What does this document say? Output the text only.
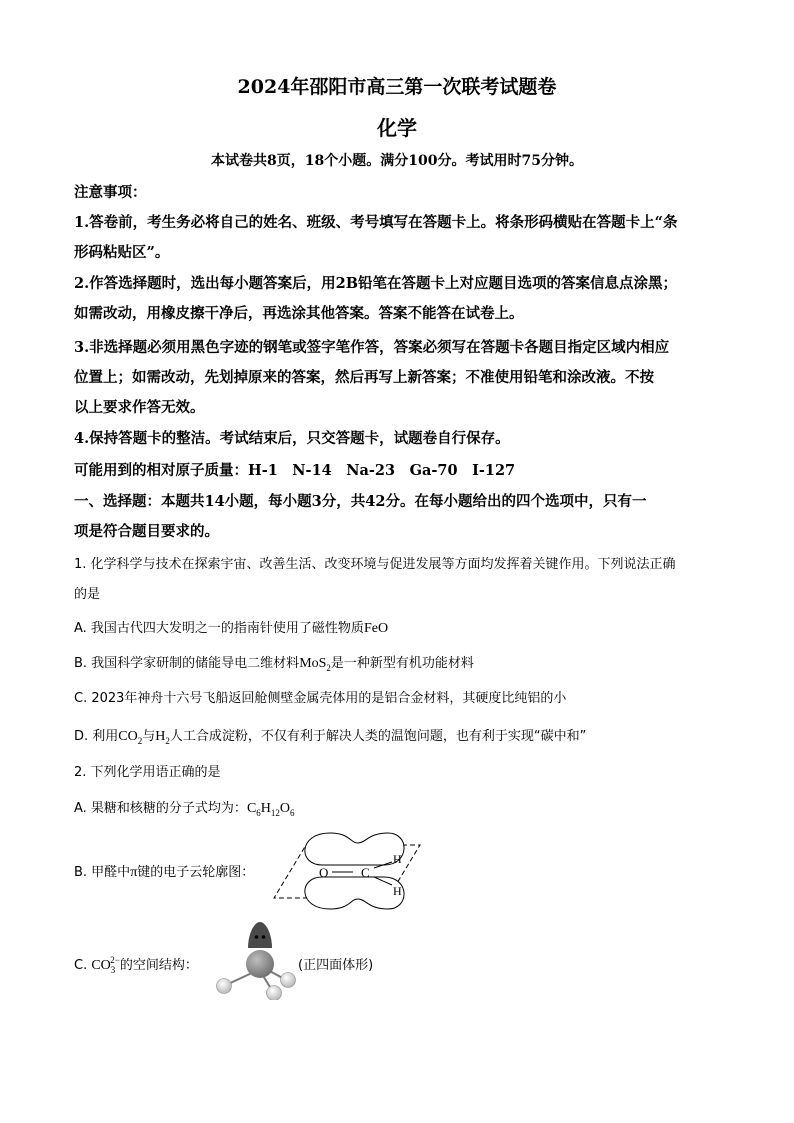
2024年邵阳市高三第一次联考试题卷
化学
本试卷共8页，18个小题。满分100分。考试用时75分钟。
注意事项：
1.答卷前，考生务必将自己的姓名、班级、考号填写在答题卡上。将条形码横贴在答题卡上“条
形码粘贴区”。
2.作答选择题时，选出每小题答案后，用2B铅笔在答题卡上对应题目选项的答案信息点涂黑；
如需改动，用橡皮擦干净后，再选涂其他答案。答案不能答在试卷上。
3.非选择题必须用黑色字迹的钢笔或签字笔作答，答案必须写在答题卡各题目指定区域内相应
位置上；如需改动，先划掉原来的答案，然后再写上新答案；不准使用铅笔和涂改液。不按
以上要求作答无效。
4.保持答题卡的整洁。考试结束后，只交答题卡，试题卷自行保存。
可能用到的相对原子质量：H-1　N-14　Na-23　Ga-70　I-127
一、选择题：本题共14小题，每小题3分，共42分。在每小题给出的四个选项中，只有一
项是符合题目要求的。
1. 化学科学与技术在探索宇宙、改善生活、改变环境与促进发展等方面均发挥着关键作用。下列说法正确
的是
A. 我国古代四大发明之一的指南针使用了磁性物质FeO
B. 我国科学家研制的储能导电二维材料MoS$_2$是一种新型有机功能材料
C. 2023年神舟十六号飞船返回舱侧壁金属壳体用的是铝合金材料，其硬度比纯铝的小
D. 利用$CO_2$与$H_2$人工合成淀粉，不仅有利于解决人类的温饱问题，也有利于实现“碳中和”
2. 下列化学用语正确的是
A. 果糖和核糖的分子式均为：$C_6H_{12}O_6$
B. 甲醛中π键的电子云轮廓图：	O	C
H
H
C. $CO_3^{2-}$的空间结构：	(正四面体形)
